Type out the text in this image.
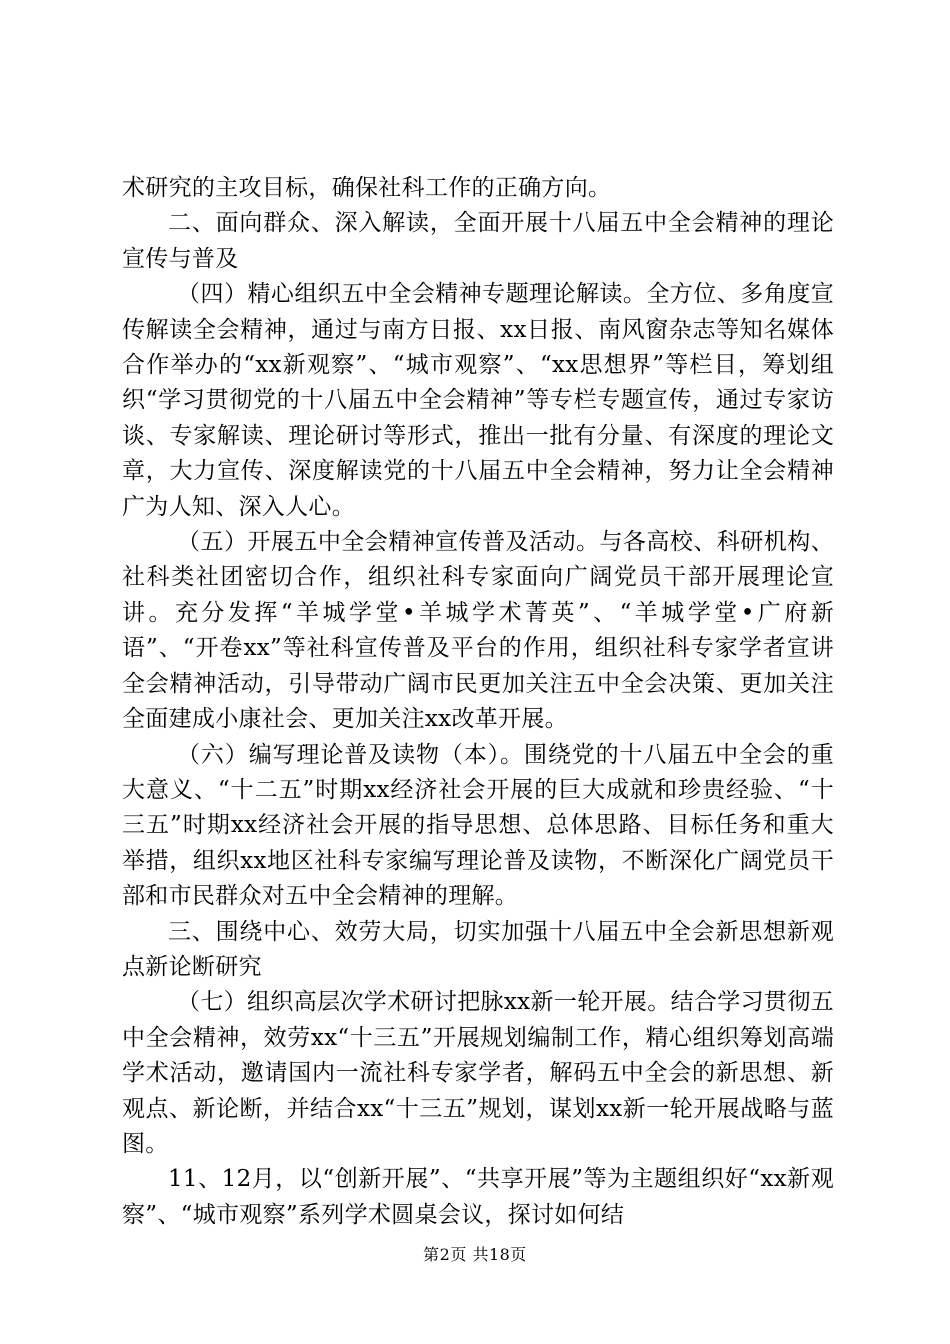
术研究的主攻目标，确保社科工作的正确方向。

二、面向群众、深入解读，全面开展十八届五中全会精神的理论宣传与普及

（四）精心组织五中全会精神专题理论解读。全方位、多角度宣传解读全会精神，通过与南方日报、xx日报、南风窗杂志等知名媒体合作举办的“xx新观察”、“城市观察”、“xx思想界”等栏目，筹划组织“学习贯彻党的十八届五中全会精神”等专栏专题宣传，通过专家访谈、专家解读、理论研讨等形式，推出一批有分量、有深度的理论文章，大力宣传、深度解读党的十八届五中全会精神，努力让全会精神广为人知、深入人心。

（五）开展五中全会精神宣传普及活动。与各高校、科研机构、社科类社团密切合作，组织社科专家面向广阔党员干部开展理论宣讲。充分发挥“羊城学堂•羊城学术菁英”、“羊城学堂•广府新语”、“开卷xx”等社科宣传普及平台的作用，组织社科专家学者宣讲全会精神活动，引导带动广阔市民更加关注五中全会决策、更加关注全面建成小康社会、更加关注xx改革开展。

（六）编写理论普及读物（本）。围绕党的十八届五中全会的重大意义、“十二五”时期xx经济社会开展的巨大成就和珍贵经验、“十三五”时期xx经济社会开展的指导思想、总体思路、目标任务和重大举措，组织xx地区社科专家编写理论普及读物，不断深化广阔党员干部和市民群众对五中全会精神的理解。

三、围绕中心、效劳大局，切实加强十八届五中全会新思想新观点新论断研究

（七）组织高层次学术研讨把脉xx新一轮开展。结合学习贯彻五中全会精神，效劳xx“十三五”开展规划编制工作，精心组织筹划高端学术活动，邀请国内一流社科专家学者，解码五中全会的新思想、新观点、新论断，并结合xx“十三五”规划，谋划xx新一轮开展战略与蓝图。

11、12月，以“创新开展”、“共享开展”等为主题组织好“xx新观察”、“城市观察”系列学术圆桌会议，探讨如何结

第2页 共18页
